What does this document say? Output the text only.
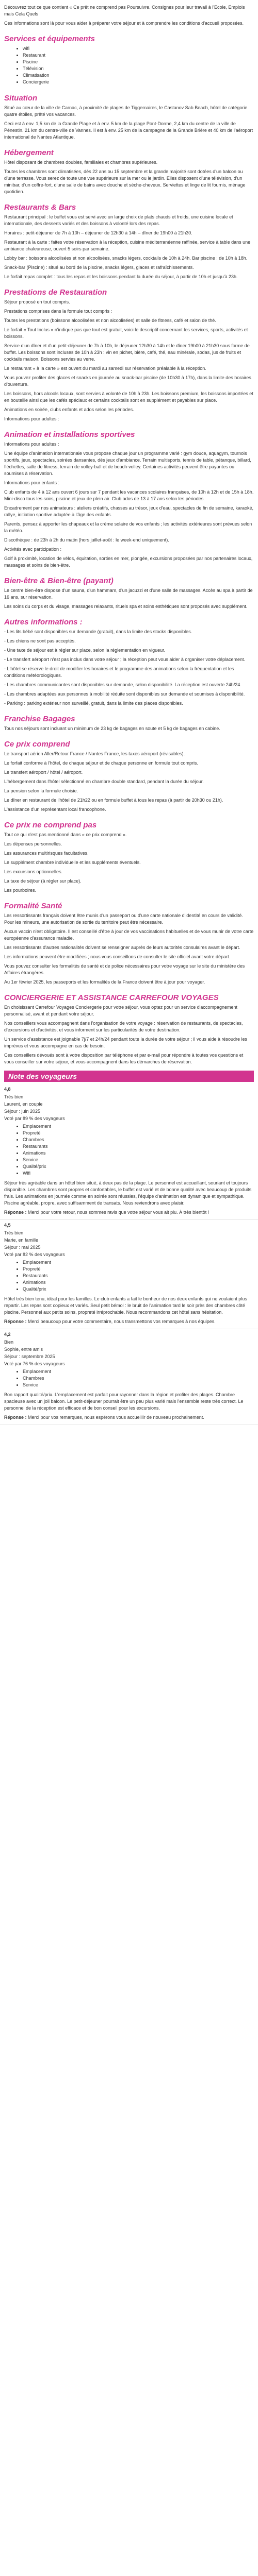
Découvrez tout ce que contient « Ce prêt ne comprend pas Poursuivre. Consignes pour leur travail à l'Ecole, Emplois mais Cela Quels

Ces informations sont là pour vous aider à préparer votre séjour et à comprendre les conditions d'accueil proposées.

Services et équipements
• wifi
• Restaurant
• Piscine
• Télévision
• Climatisation
• Conciergerie
Situation

Situé au cœur de la ville de Carnac, à proximité de plages de Tiggernaires, le Castanov Sab Beach, hôtel de catégorie quatre étoiles, prêté vos vacances.

Ceci est à env. 1,5 km de la Grande Plage et à env. 5 km de la plage Pont-Dorme, 2,4 km du centre de la ville de Pénestin. 21 km du centre-ville de Vannes. Il est à env. 25 km de la campagne de la Grande Brière et 40 km de l'aéroport international de Nantes Atlantique.

Hébergement

Hôtel disposant de chambres doubles, familiales et chambres supérieures.

Toutes les chambres sont climatisées, dès 22 ans ou 15 septembre et la grande majorité sont dotées d'un balcon ou d'une terrasse. Vous serez de toute une vue supérieure sur la mer ou le jardin. Elles disposent d'une télévision, d'un minibar, d'un coffre-fort, d'une salle de bains avec douche et sèche-cheveux. Serviettes et linge de lit fournis, ménage quotidien.

Restaurants & Bars

Restaurant principal : le buffet vous est servi avec un large choix de plats chauds et froids, une cuisine locale et internationale, des desserts variés et des boissons à volonté lors des repas.

Horaires : petit-déjeuner de 7h à 10h – déjeuner de 12h30 à 14h – dîner de 19h00 à 21h30.

Restaurant à la carte : faites votre réservation à la réception, cuisine méditerranéenne raffinée, service à table dans une ambiance chaleureuse, ouvert 5 soirs par semaine.

Lobby bar : boissons alcoolisées et non alcoolisées, snacks légers, cocktails de 10h à 24h. Bar piscine : de 10h à 18h.

Snack-bar (Piscine) : situé au bord de la piscine, snacks légers, glaces et rafraîchissements.

Le forfait repas complet : tous les repas et les boissons pendant la durée du séjour, à partir de 10h et jusqu'à 23h.

Prestations de Restauration

Séjour proposé en tout compris.

Prestations comprises dans la formule tout compris :

Toutes les prestations (boissons alcoolisées et non alcoolisées) et salle de fitness, café et salon de thé.

Le forfait « Tout Inclus » n'indique pas que tout est gratuit, voici le descriptif concernant les services, sports, activités et boissons.

Service d'un dîner et d'un petit-déjeuner de 7h à 10h, le déjeuner 12h30 à 14h et le dîner 19h00 à 21h30 sous forme de buffet. Les boissons sont incluses de 10h à 23h : vin en pichet, bière, café, thé, eau minérale, sodas, jus de fruits et cocktails maison. Boissons servies au verre.

Le restaurant « à la carte » est ouvert du mardi au samedi sur réservation préalable à la réception.

Vous pouvez profiter des glaces et snacks en journée au snack-bar piscine (de 10h30 à 17h), dans la limite des horaires d'ouverture.

Les boissons, hors alcools locaux, sont servies à volonté de 10h à 23h. Les boissons premium, les boissons importées et en bouteille ainsi que les cafés spéciaux et certains cocktails sont en supplément et payables sur place.

Animations en soirée, clubs enfants et ados selon les périodes.

Informations pour adultes :

Animation et installations sportives

Informations pour adultes :

Une équipe d'animation internationale vous propose chaque jour un programme varié : gym douce, aquagym, tournois sportifs, jeux, spectacles, soirées dansantes, dès jeux d'ambiance. Terrain multisports, tennis de table, pétanque, billard, fléchettes, salle de fitness, terrain de volley-ball et de beach-volley. Certaines activités peuvent être payantes ou soumises à réservation.

Informations pour enfants :

Club enfants de 4 à 12 ans ouvert 6 jours sur 7 pendant les vacances scolaires françaises, de 10h à 12h et de 15h à 18h. Mini-disco tous les soirs, piscine et jeux de plein air. Club ados de 13 à 17 ans selon les périodes.

Encadrement par nos animateurs : ateliers créatifs, chasses au trésor, jeux d'eau, spectacles de fin de semaine, karaoké, rallye, initiation sportive adaptée à l'âge des enfants.

Parents, pensez à apporter les chapeaux et la crème solaire de vos enfants ; les activités extérieures sont prévues selon la météo.

Discothèque : de 23h à 2h du matin (hors juillet-août : le week-end uniquement).

Activités avec participation :

Golf à proximité, location de vélos, équitation, sorties en mer, plongée, excursions proposées par nos partenaires locaux, massages et soins de bien-être.

Bien-être & Bien-être (payant)

Le centre bien-être dispose d'un sauna, d'un hammam, d'un jacuzzi et d'une salle de massages. Accès au spa à partir de 16 ans, sur réservation.

Les soins du corps et du visage, massages relaxants, rituels spa et soins esthétiques sont proposés avec supplément.

Autres informations :

- Les lits bébé sont disponibles sur demande (gratuit), dans la limite des stocks disponibles.

- Les chiens ne sont pas acceptés.

- Une taxe de séjour est à régler sur place, selon la réglementation en vigueur.

- Le transfert aéroport n'est pas inclus dans votre séjour ; la réception peut vous aider à organiser votre déplacement.

- L'hôtel se réserve le droit de modifier les horaires et le programme des animations selon la fréquentation et les conditions météorologiques.

- Les chambres communicantes sont disponibles sur demande, selon disponibilité. La réception est ouverte 24h/24.

- Les chambres adaptées aux personnes à mobilité réduite sont disponibles sur demande et soumises à disponibilité.

- Parking : parking extérieur non surveillé, gratuit, dans la limite des places disponibles.

Franchise Bagages

Tous nos séjours sont incluant un minimum de 23 kg de bagages en soute et 5 kg de bagages en cabine.

Ce prix comprend

Le transport aérien Aller/Retour France / Nantes France, les taxes aéroport (révisables).

Le forfait conforme à l'hôtel, de chaque séjour et de chaque personne en formule tout compris.

Le transfert aéroport / hôtel / aéroport.

L'hébergement dans l'hôtel sélectionné en chambre double standard, pendant la durée du séjour.

La pension selon la formule choisie.

Le dîner en restaurant de l'hôtel de 21h22 ou en formule buffet à tous les repas (à partir de 20h30 ou 21h).

L'assistance d'un représentant local francophone.

Ce prix ne comprend pas

Tout ce qui n'est pas mentionné dans « ce prix comprend ».

Les dépenses personnelles.

Les assurances multirisques facultatives.

Le supplément chambre individuelle et les suppléments éventuels.

Les excursions optionnelles.

La taxe de séjour (à régler sur place).

Les pourboires.

Formalité Santé

Les ressortissants français doivent être munis d'un passeport ou d'une carte nationale d'identité en cours de validité. Pour les mineurs, une autorisation de sortie du territoire peut être nécessaire.

Aucun vaccin n'est obligatoire. Il est conseillé d'être à jour de vos vaccinations habituelles et de vous munir de votre carte européenne d'assurance maladie.

Les ressortissants d'autres nationalités doivent se renseigner auprès de leurs autorités consulaires avant le départ.

Les informations peuvent être modifiées ; nous vous conseillons de consulter le site officiel avant votre départ.

Vous pouvez consulter les formalités de santé et de police nécessaires pour votre voyage sur le site du ministère des Affaires étrangères.

Au 1er février 2025, les passeports et les formalités de la France doivent être à jour pour voyager.

CONCIERGERIE ET ASSISTANCE CARREFOUR VOYAGES

En choisissant Carrefour Voyages Conciergerie pour votre séjour, vous optez pour un service d'accompagnement personnalisé, avant et pendant votre séjour.

Nos conseillers vous accompagnent dans l'organisation de votre voyage : réservation de restaurants, de spectacles, d'excursions et d'activités, et vous informent sur les particularités de votre destination.

Un service d'assistance est joignable 7j/7 et 24h/24 pendant toute la durée de votre séjour ; il vous aide à résoudre les imprévus et vous accompagne en cas de besoin.

Ces conseillers dévoués sont à votre disposition par téléphone et par e-mail pour répondre à toutes vos questions et vous conseiller sur votre séjour, et vous accompagnent dans les démarches de réservation.

Note des voyageurs
4,8

Très bien

Laurent, en couple

Séjour : juin 2025

Voté par 89 % des voyageurs

• Emplacement
• Propreté
• Chambres
• Restaurants
• Animations
• Service
• Qualité/prix
• Wifi

Séjour très agréable dans un hôtel bien situé, à deux pas de la plage. Le personnel est accueillant, souriant et toujours disponible. Les chambres sont propres et confortables, le buffet est varié et de bonne qualité avec beaucoup de produits frais. Les animations en journée comme en soirée sont réussies, l'équipe d'animation est dynamique et sympathique. Piscine agréable, propre, avec suffisamment de transats. Nous reviendrons avec plaisir.

Réponse : Merci pour votre retour, nous sommes ravis que votre séjour vous ait plu. À très bientôt !

4,5

Très bien

Marie, en famille

Séjour : mai 2025

Voté par 82 % des voyageurs

• Emplacement
• Propreté
• Restaurants
• Animations
• Qualité/prix

Hôtel très bien tenu, idéal pour les familles. Le club enfants a fait le bonheur de nos deux enfants qui ne voulaient plus repartir. Les repas sont copieux et variés. Seul petit bémol : le bruit de l'animation tard le soir près des chambres côté piscine. Personnel aux petits soins, propreté irréprochable. Nous recommandons cet hôtel sans hésitation.

Réponse : Merci beaucoup pour votre commentaire, nous transmettons vos remarques à nos équipes.

4,2

Bien

Sophie, entre amis

Séjour : septembre 2025

Voté par 76 % des voyageurs

• Emplacement
• Chambres
• Service

Bon rapport qualité/prix. L'emplacement est parfait pour rayonner dans la région et profiter des plages. Chambre spacieuse avec un joli balcon. Le petit-déjeuner pourrait être un peu plus varié mais l'ensemble reste très correct. Le personnel de la réception est efficace et de bon conseil pour les excursions.

Réponse : Merci pour vos remarques, nous espérons vous accueillir de nouveau prochainement.
